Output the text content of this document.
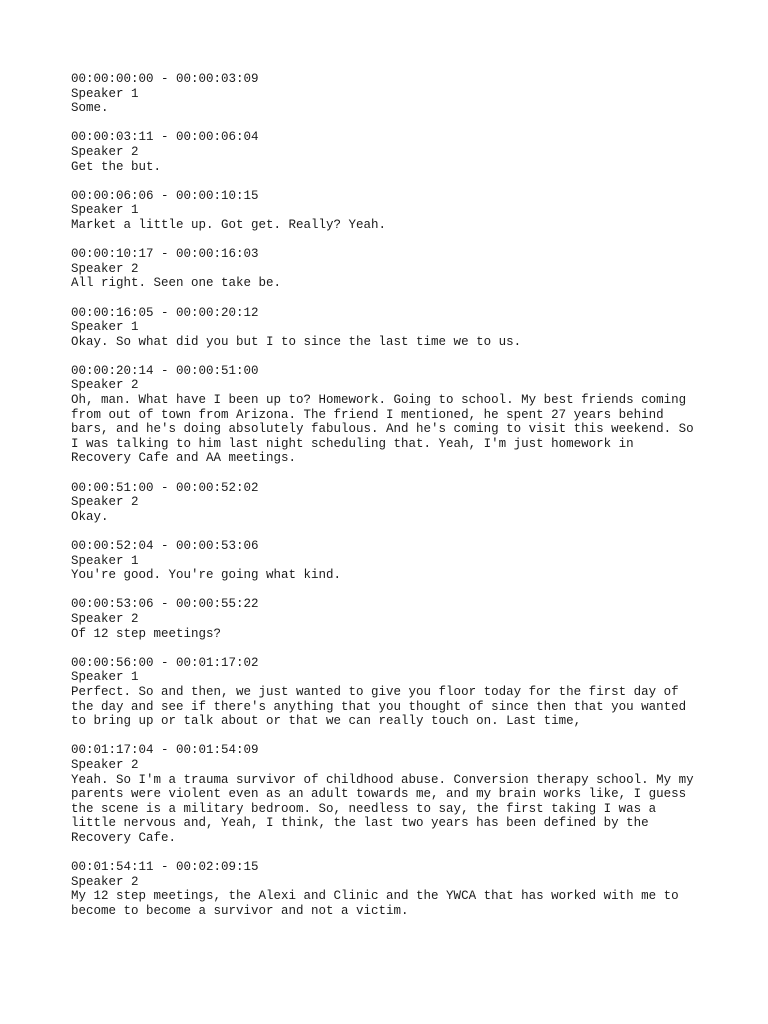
00:00:00:00 - 00:00:03:09
Speaker 1
Some.
00:00:03:11 - 00:00:06:04
Speaker 2
Get the but.
00:00:06:06 - 00:00:10:15
Speaker 1
Market a little up. Got get. Really? Yeah.
00:00:10:17 - 00:00:16:03
Speaker 2
All right. Seen one take be.
00:00:16:05 - 00:00:20:12
Speaker 1
Okay. So what did you but I to since the last time we to us.
00:00:20:14 - 00:00:51:00
Speaker 2
Oh, man. What have I been up to? Homework. Going to school. My best friends coming
from out of town from Arizona. The friend I mentioned, he spent 27 years behind
bars, and he's doing absolutely fabulous. And he's coming to visit this weekend. So
I was talking to him last night scheduling that. Yeah, I'm just homework in
Recovery Cafe and AA meetings.
00:00:51:00 - 00:00:52:02
Speaker 2
Okay.
00:00:52:04 - 00:00:53:06
Speaker 1
You're good. You're going what kind.
00:00:53:06 - 00:00:55:22
Speaker 2
Of 12 step meetings?
00:00:56:00 - 00:01:17:02
Speaker 1
Perfect. So and then, we just wanted to give you floor today for the first day of
the day and see if there's anything that you thought of since then that you wanted
to bring up or talk about or that we can really touch on. Last time,
00:01:17:04 - 00:01:54:09
Speaker 2
Yeah. So I'm a trauma survivor of childhood abuse. Conversion therapy school. My my
parents were violent even as an adult towards me, and my brain works like, I guess
the scene is a military bedroom. So, needless to say, the first taking I was a
little nervous and, Yeah, I think, the last two years has been defined by the
Recovery Cafe.
00:01:54:11 - 00:02:09:15
Speaker 2
My 12 step meetings, the Alexi and Clinic and the YWCA that has worked with me to
become to become a survivor and not a victim.
